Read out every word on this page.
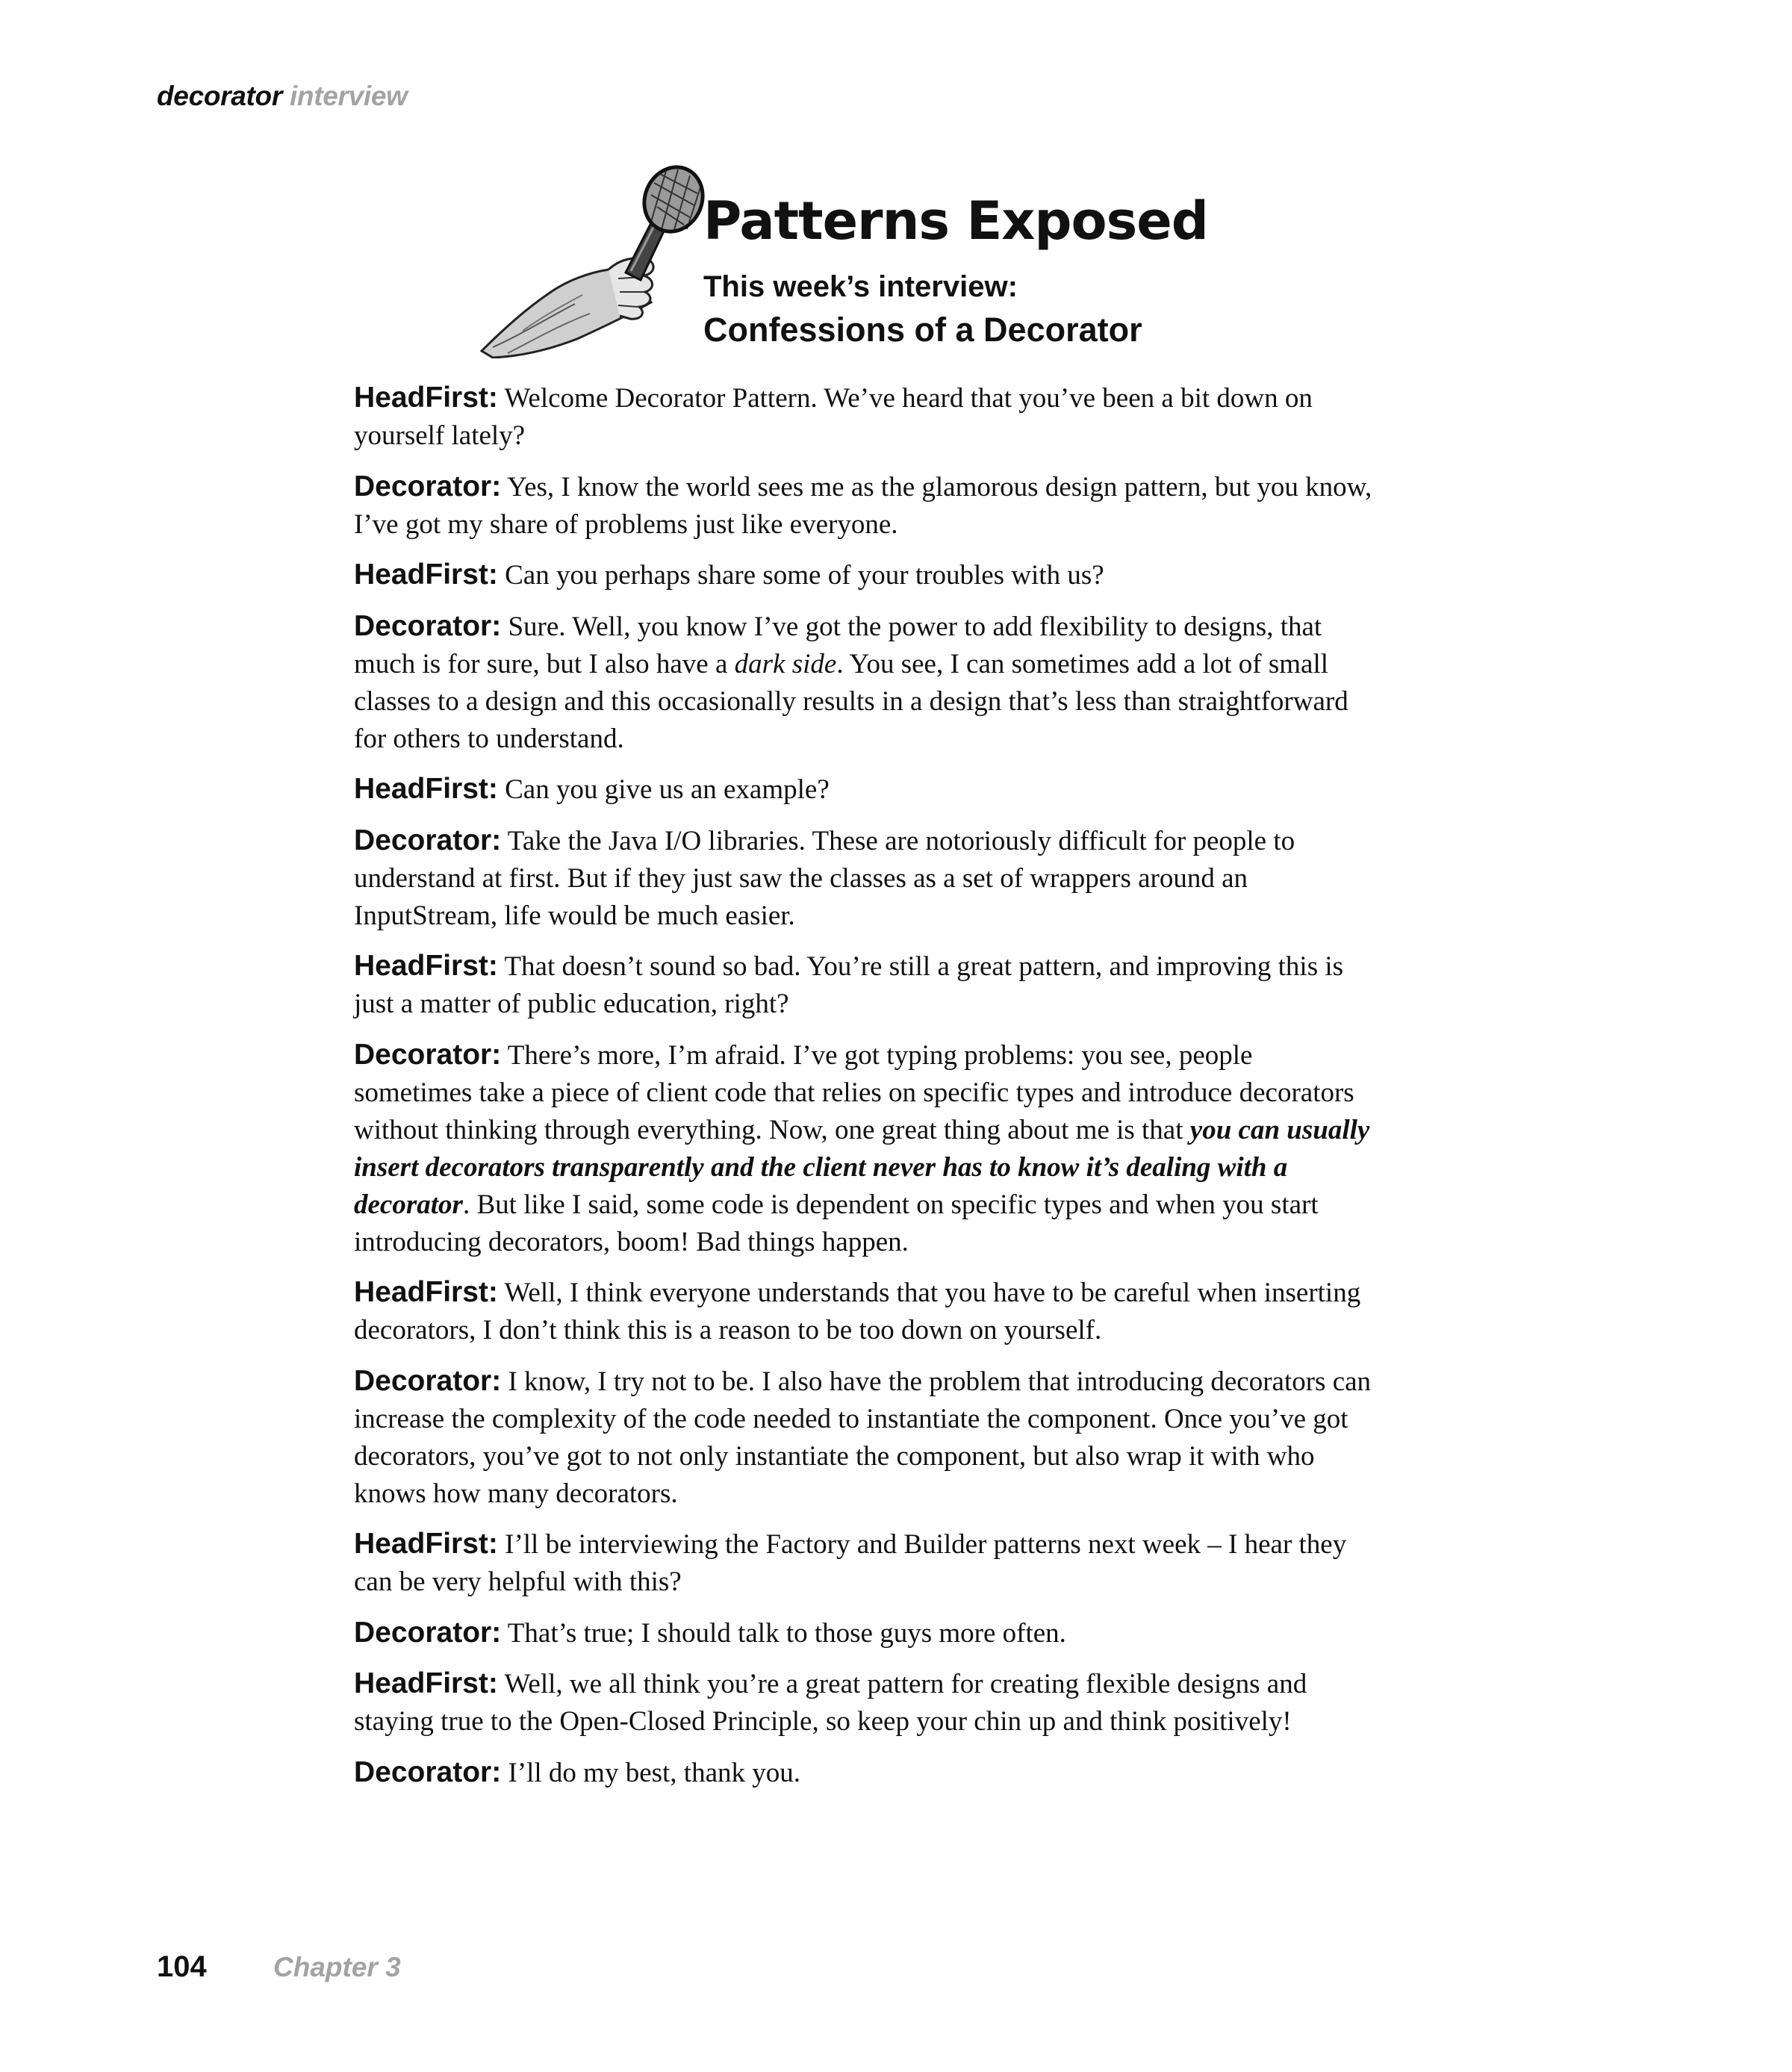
decorator interview
Patterns Exposed
This week’s interview:
Confessions of a Decorator

HeadFirst: Welcome Decorator Pattern. We’ve heard that you’ve been a bit down on yourself lately?

Decorator: Yes, I know the world sees me as the glamorous design pattern, but you know, I’ve got my share of problems just like everyone.

HeadFirst: Can you perhaps share some of your troubles with us?

Decorator: Sure. Well, you know I’ve got the power to add flexibility to designs, that much is for sure, but I also have a dark side. You see, I can sometimes add a lot of small classes to a design and this occasionally results in a design that’s less than straightforward for others to understand.

HeadFirst: Can you give us an example?

Decorator: Take the Java I/O libraries. These are notoriously difficult for people to understand at first. But if they just saw the classes as a set of wrappers around an InputStream, life would be much easier.

HeadFirst: That doesn’t sound so bad. You’re still a great pattern, and improving this is just a matter of public education, right?

Decorator: There’s more, I’m afraid. I’ve got typing problems: you see, people sometimes take a piece of client code that relies on specific types and introduce decorators without thinking through everything. Now, one great thing about me is that you can usually insert decorators transparently and the client never has to know it’s dealing with a decorator. But like I said, some code is dependent on specific types and when you start introducing decorators, boom! Bad things happen.

HeadFirst: Well, I think everyone understands that you have to be careful when inserting decorators, I don’t think this is a reason to be too down on yourself.

Decorator: I know, I try not to be. I also have the problem that introducing decorators can increase the complexity of the code needed to instantiate the component. Once you’ve got decorators, you’ve got to not only instantiate the component, but also wrap it with who knows how many decorators.

HeadFirst: I’ll be interviewing the Factory and Builder patterns next week – I hear they can be very helpful with this?

Decorator: That’s true; I should talk to those guys more often.

HeadFirst: Well, we all think you’re a great pattern for creating flexible designs and staying true to the Open-Closed Principle, so keep your chin up and think positively!

Decorator: I’ll do my best, thank you.

104 Chapter 3
